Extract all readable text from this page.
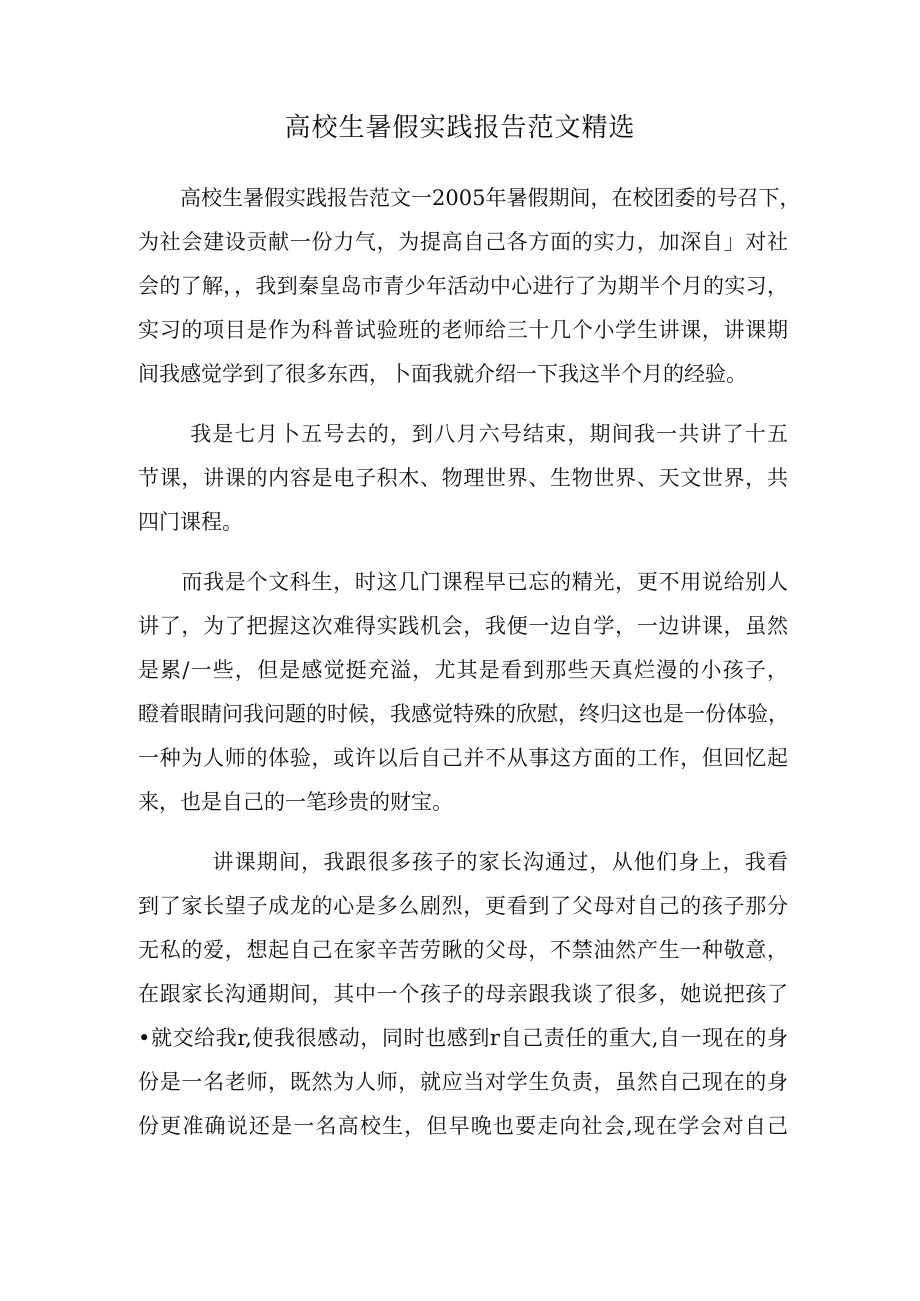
高校生暑假实践报告范文精选
　　高校生暑假实践报告范文一2005年暑假期间，在校团委的号召下，
为社会建设贡献一份力气，为提高自己各方面的实力，加深自」对社
会的了解，，我到秦皇岛市青少年活动中心进行了为期半个月的实习，
实习的项目是作为科普试验班的老师给三十几个小学生讲课，讲课期
间我感觉学到了很多东西，卜面我就介绍一下我这半个月的经验。
　　 我是七月卜五号去的，到八月六号结束，期间我一共讲了十五
节课，讲课的内容是电子积木、物理世界、生物世界、天文世界，共
四门课程。
　　而我是个文科生，时这几门课程早已忘的精光，更不用说给别人
讲了，为了把握这次难得实践机会，我便一边自学，一边讲课，虽然
是累/一些，但是感觉挺充溢，尤其是看到那些天真烂漫的小孩子，
瞪着眼睛问我问题的时候，我感觉特殊的欣慰，终归这也是一份体验，
一种为人师的体验，或许以后自己并不从事这方面的工作，但回忆起
来，也是自己的一笔珍贵的财宝。
　　　 讲课期间，我跟很多孩子的家长沟通过，从他们身上，我看
到了家长望子成龙的心是多么剧烈，更看到了父母对自己的孩子那分
无私的爱，想起自己在家辛苦劳瞅的父母，不禁油然产生一种敬意，
在跟家长沟通期间，其中一个孩子的母亲跟我谈了很多，她说把孩了
•就交给我r,使我很感动，同时也感到r自己责任的重大,自一现在的身
份是一名老师，既然为人师，就应当对学生负责，虽然自己现在的身
份更准确说还是一名高校生，但早晚也要走向社会,现在学会对自己
